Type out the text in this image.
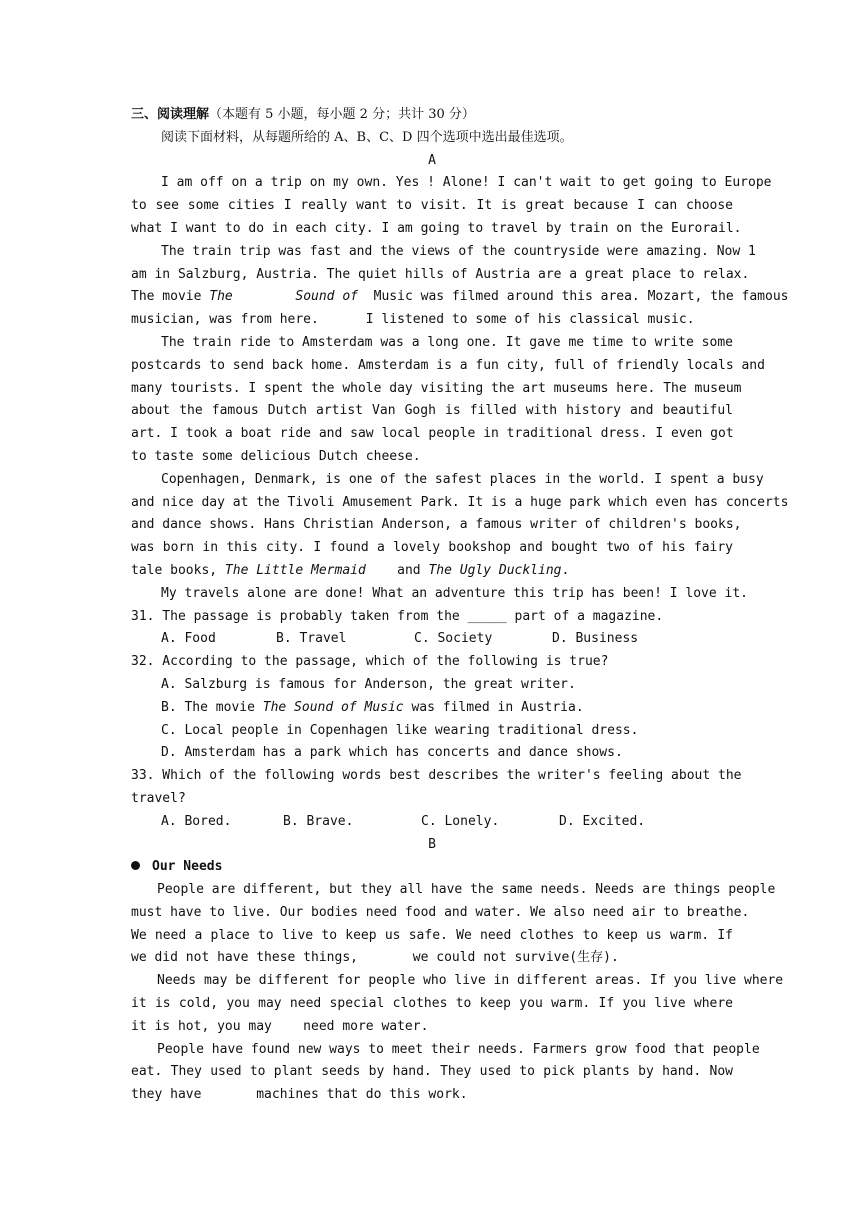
三、阅读理解（本题有 5 小题，每小题 2 分；共计 30 分）
阅读下面材料，从每题所给的 A、B、C、D 四个选项中选出最佳选项。
A
I am off on a trip on my own. Yes ! Alone! I can't wait to get going to Europe
to see some cities I really want to visit. It is great because I can choose
what I want to do in each city. I am going to travel by train on the Eurorail.
The train trip was fast and the views of the countryside were amazing. Now 1
am in Salzburg, Austria. The quiet hills of Austria are a great place to relax.
The movie The        Sound of  Music was filmed around this area. Mozart, the famous
musician, was from here.      I listened to some of his classical music.
The train ride to Amsterdam was a long one. It gave me time to write some
postcards to send back home. Amsterdam is a fun city, full of friendly locals and
many tourists. I spent the whole day visiting the art museums here. The museum
about the famous Dutch artist Van Gogh is filled with history and beautiful
art. I took a boat ride and saw local people in traditional dress. I even got
to taste some delicious Dutch cheese.
Copenhagen, Denmark, is one of the safest places in the world. I spent a busy
and nice day at the Tivoli Amusement Park. It is a huge park which even has concerts
and dance shows. Hans Christian Anderson, a famous writer of children's books,
was born in this city. I found a lovely bookshop and bought two of his fairy
tale books, The Little Mermaid    and The Ugly Duckling.
My travels alone are done! What an adventure this trip has been! I love it.
31. The passage is probably taken from the _____ part of a magazine.
A. Food	B. Travel	C. Society	D. Business
32. According to the passage, which of the following is true?
A. Salzburg is famous for Anderson, the great writer.
B. The movie The Sound of Music was filmed in Austria.
C. Local people in Copenhagen like wearing traditional dress.
D. Amsterdam has a park which has concerts and dance shows.
33. Which of the following words best describes the writer's feeling about the
travel?
A. Bored.	B. Brave.	C. Lonely.	D. Excited.
B
Our Needs
People are different, but they all have the same needs. Needs are things people
must have to live. Our bodies need food and water. We also need air to breathe.
We need a place to live to keep us safe. We need clothes to keep us warm. If
we did not have these things,       we could not survive(生存).
Needs may be different for people who live in different areas. If you live where
it is cold, you may need special clothes to keep you warm. If you live where
it is hot, you may    need more water.
People have found new ways to meet their needs. Farmers grow food that people
eat. They used to plant seeds by hand. They used to pick plants by hand. Now
they have       machines that do this work.
